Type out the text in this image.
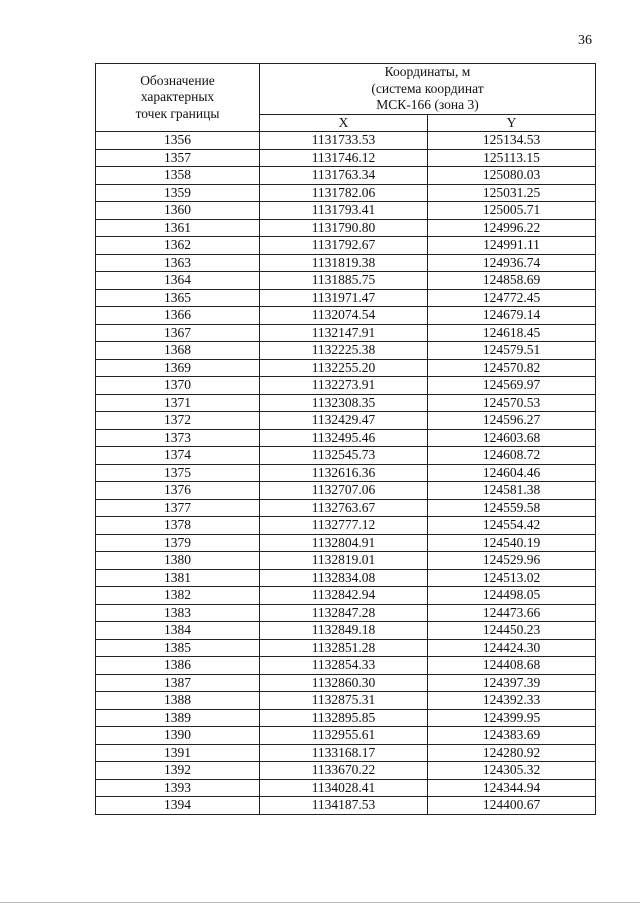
36
Обозначение
характерных
точек границы	Координаты, м
(система координат
МСК-166 (зона 3)	

	X	Y
1356	1131733.53	125134.53
1357	1131746.12	125113.15
1358	1131763.34	125080.03
1359	1131782.06	125031.25
1360	1131793.41	125005.71
1361	1131790.80	124996.22
1362	1131792.67	124991.11
1363	1131819.38	124936.74
1364	1131885.75	124858.69
1365	1131971.47	124772.45
1366	1132074.54	124679.14
1367	1132147.91	124618.45
1368	1132225.38	124579.51
1369	1132255.20	124570.82
1370	1132273.91	124569.97
1371	1132308.35	124570.53
1372	1132429.47	124596.27
1373	1132495.46	124603.68
1374	1132545.73	124608.72
1375	1132616.36	124604.46
1376	1132707.06	124581.38
1377	1132763.67	124559.58
1378	1132777.12	124554.42
1379	1132804.91	124540.19
1380	1132819.01	124529.96
1381	1132834.08	124513.02
1382	1132842.94	124498.05
1383	1132847.28	124473.66
1384	1132849.18	124450.23
1385	1132851.28	124424.30
1386	1132854.33	124408.68
1387	1132860.30	124397.39
1388	1132875.31	124392.33
1389	1132895.85	124399.95
1390	1132955.61	124383.69
1391	1133168.17	124280.92
1392	1133670.22	124305.32
1393	1134028.41	124344.94
1394	1134187.53	124400.67
